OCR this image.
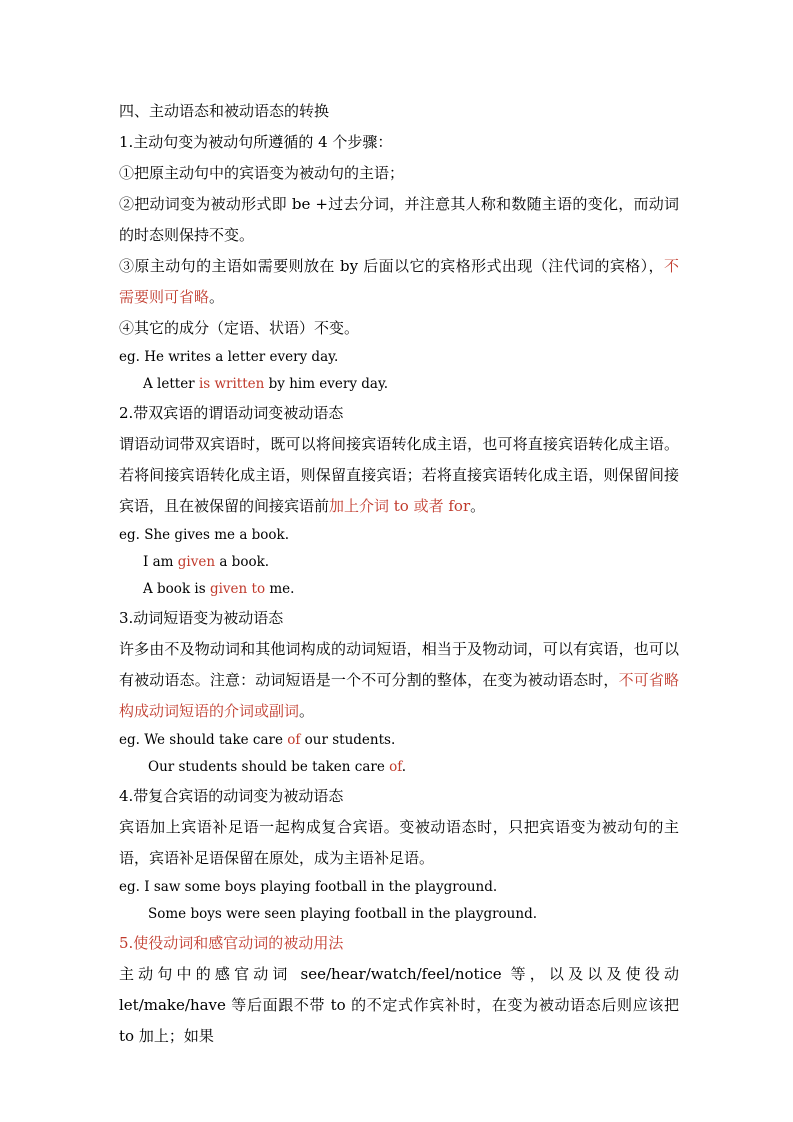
四、主动语态和被动语态的转换

1.主动句变为被动句所遵循的 4 个步骤：

①把原主动句中的宾语变为被动句的主语；

②把动词变为被动形式即 be +过去分词，并注意其人称和数随主语的变化，而动词的时态则保持不变。

③原主动句的主语如需要则放在 by 后面以它的宾格形式出现（注代词的宾格），不需要则可省略。

④其它的成分（定语、状语）不变。

eg. He writes a letter every day.

A letter is written by him every day.

2.带双宾语的谓语动词变被动语态

谓语动词带双宾语时，既可以将间接宾语转化成主语，也可将直接宾语转化成主语。若将间接宾语转化成主语，则保留直接宾语；若将直接宾语转化成主语，则保留间接宾语，且在被保留的间接宾语前加上介词 to 或者 for。

eg. She gives me a book.

I am given a book.

A book is given to me.

3.动词短语变为被动语态

许多由不及物动词和其他词构成的动词短语，相当于及物动词，可以有宾语，也可以有被动语态。注意：动词短语是一个不可分割的整体，在变为被动语态时，不可省略构成动词短语的介词或副词。

eg. We should take care of our students.

Our students should be taken care of.

4.带复合宾语的动词变为被动语态

宾语加上宾语补足语一起构成复合宾语。变被动语态时，只把宾语变为被动句的主语，宾语补足语保留在原处，成为主语补足语。

eg. I saw some boys playing football in the playground.

Some boys were seen playing football in the playground.

5.使役动词和感官动词的被动用法

主动句中的感官动词 see/hear/watch/feel/notice 等，以及以及使役动 let/make/have 等后面跟不带 to 的不定式作宾补时，在变为被动语态后则应该把 to 加上；如果
